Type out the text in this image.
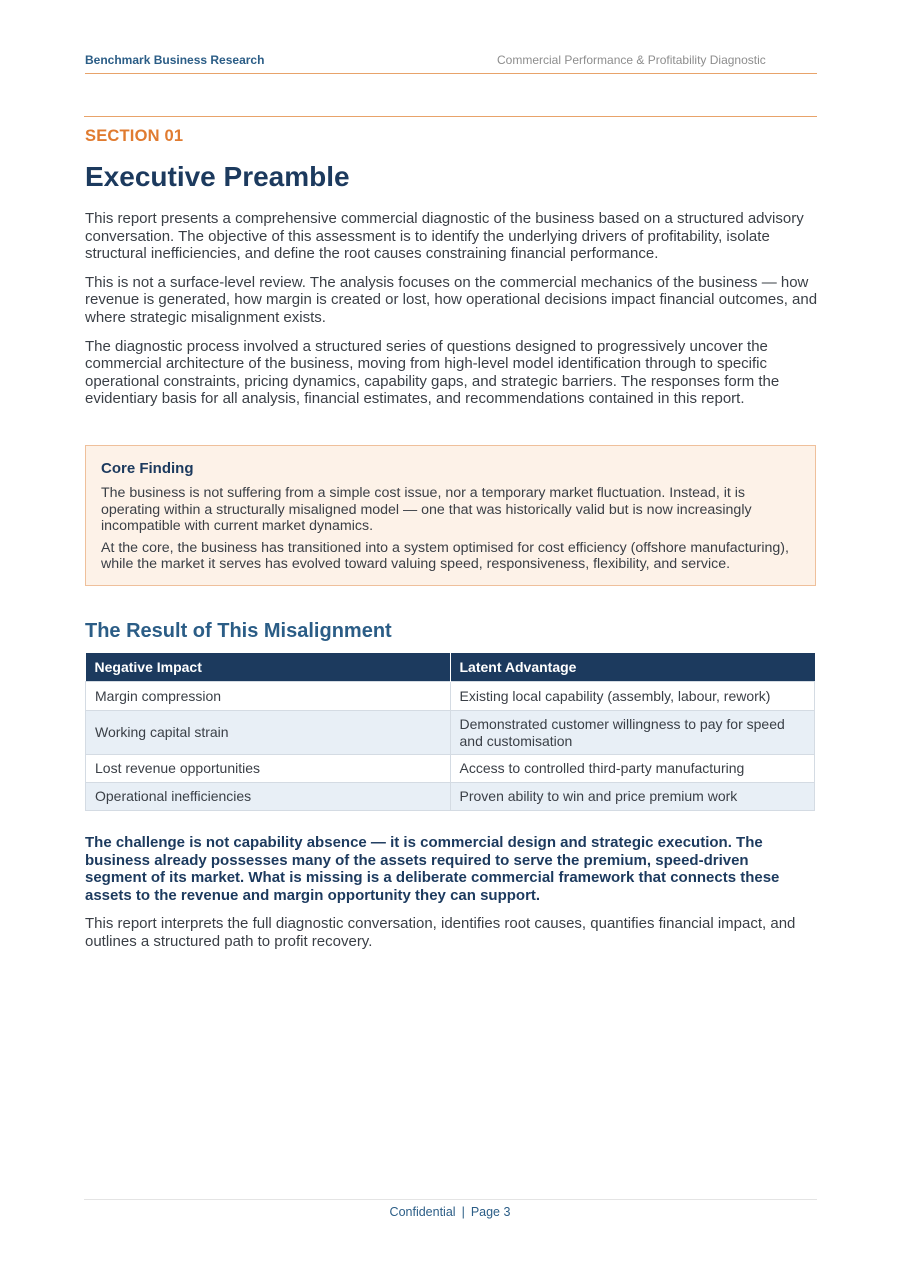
Benchmark Business Research	Commercial Performance & Profitability Diagnostic
SECTION 01
Executive Preamble

This report presents a comprehensive commercial diagnostic of the business based on a structured advisory conversation. The objective of this assessment is to identify the underlying drivers of profitability, isolate structural inefficiencies, and define the root causes constraining financial performance.

This is not a surface-level review. The analysis focuses on the commercial mechanics of the business — how revenue is generated, how margin is created or lost, how operational decisions impact financial outcomes, and where strategic misalignment exists.

The diagnostic process involved a structured series of questions designed to progressively uncover the commercial architecture of the business, moving from high-level model identification through to specific operational constraints, pricing dynamics, capability gaps, and strategic barriers. The responses form the evidentiary basis for all analysis, financial estimates, and recommendations contained in this report.

Core Finding

The business is not suffering from a simple cost issue, nor a temporary market fluctuation. Instead, it is operating within a structurally misaligned model — one that was historically valid but is now increasingly incompatible with current market dynamics.

At the core, the business has transitioned into a system optimised for cost efficiency (offshore manufacturing), while the market it serves has evolved toward valuing speed, responsiveness, flexibility, and service.

The Result of This Misalignment
Negative Impact	Latent Advantage
Margin compression	Existing local capability (assembly, labour, rework)
Working capital strain	Demonstrated customer willingness to pay for speed and customisation
Lost revenue opportunities	Access to controlled third-party manufacturing
Operational inefficiencies	Proven ability to win and price premium work

The challenge is not capability absence — it is commercial design and strategic execution. The business already possesses many of the assets required to serve the premium, speed-driven segment of its market. What is missing is a deliberate commercial framework that connects these assets to the revenue and margin opportunity they can support.

This report interprets the full diagnostic conversation, identifies root causes, quantifies financial impact, and outlines a structured path to profit recovery.

Confidential | Page 3
